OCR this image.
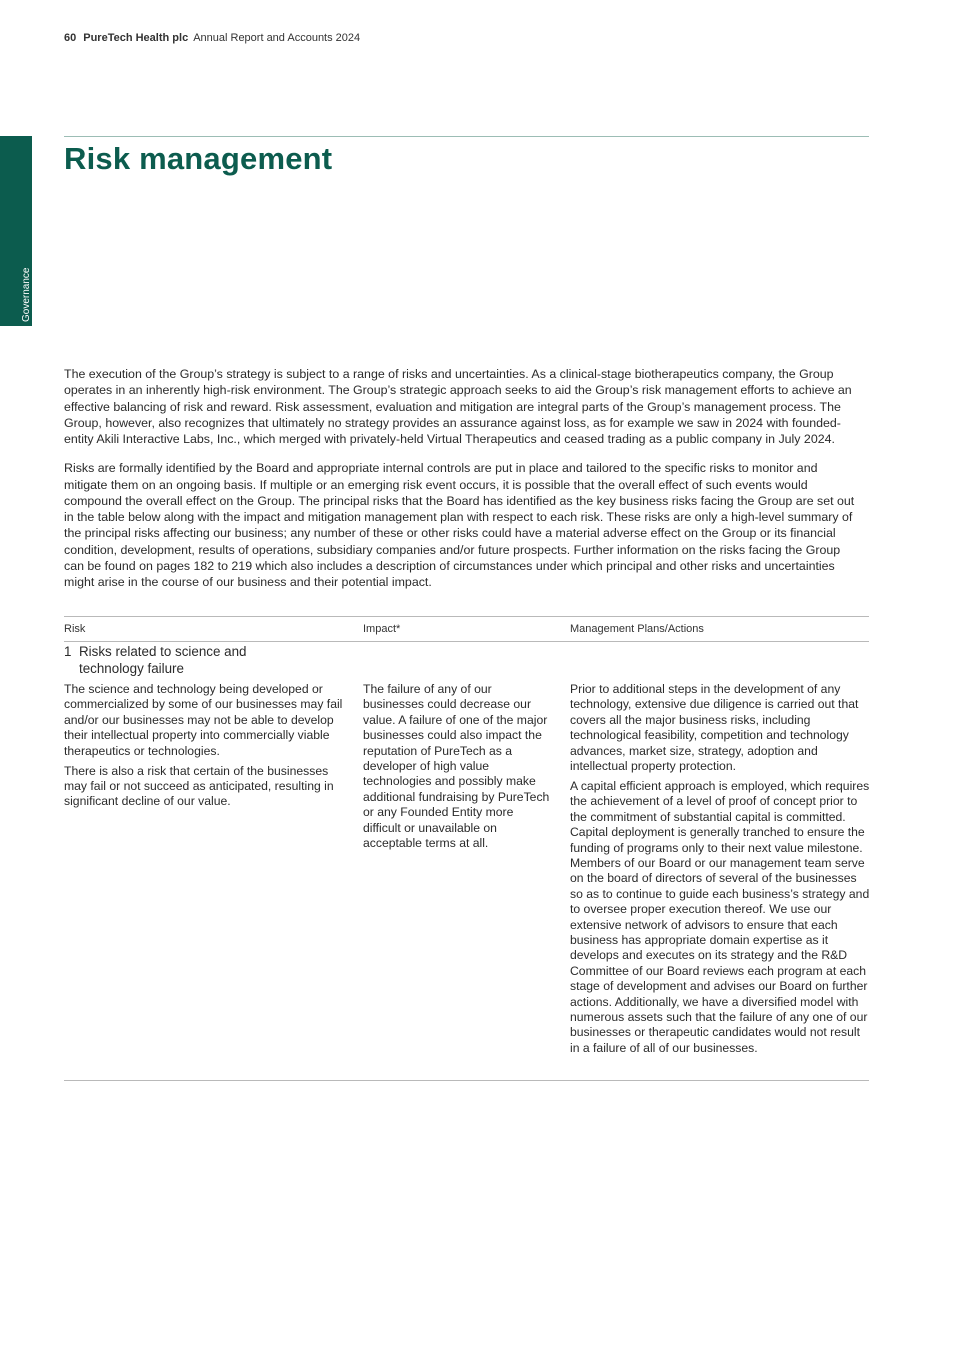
60 PureTech Health plc Annual Report and Accounts 2024
Governance
Risk management

The execution of the Group’s strategy is subject to a range of risks and uncertainties. As a clinical-stage biotherapeutics company, the Group operates in an inherently high-risk environment. The Group’s strategic approach seeks to aid the Group’s risk management efforts to achieve an effective balancing of risk and reward. Risk assessment, evaluation and mitigation are integral parts of the Group’s management process. The Group, however, also recognizes that ultimately no strategy provides an assurance against loss, as for example we saw in 2024 with founded-entity Akili Interactive Labs, Inc., which merged with privately-held Virtual Therapeutics and ceased trading as a public company in July 2024.

Risks are formally identified by the Board and appropriate internal controls are put in place and tailored to the specific risks to monitor and mitigate them on an ongoing basis. If multiple or an emerging risk event occurs, it is possible that the overall effect of such events would compound the overall effect on the Group. The principal risks that the Board has identified as the key business risks facing the Group are set out in the table below along with the impact and mitigation management plan with respect to each risk. These risks are only a high-level summary of the principal risks affecting our business; any number of these or other risks could have a material adverse effect on the Group or its financial condition, development, results of operations, subsidiary companies and/or future prospects. Further information on the risks facing the Group can be found on pages 182 to 219 which also includes a description of circumstances under which principal and other risks and uncertainties might arise in the course of our business and their potential impact.

Risk	Impact*	Management Plans/Actions
1 Risks related to science and technology failure

The science and technology being developed or commercialized by some of our businesses may fail and/or our businesses may not be able to develop their intellectual property into commercially viable therapeutics or technologies.

There is also a risk that certain of the businesses may fail or not succeed as anticipated, resulting in significant decline of our value.

The failure of any of our businesses could decrease our value. A failure of one of the major businesses could also impact the reputation of PureTech as a developer of high value technologies and possibly make additional fundraising by PureTech or any Founded Entity more difficult or unavailable on acceptable terms at all.

Prior to additional steps in the development of any technology, extensive due diligence is carried out that covers all the major business risks, including technological feasibility, competition and technology advances, market size, strategy, adoption and intellectual property protection.

A capital efficient approach is employed, which requires the achievement of a level of proof of concept prior to the commitment of substantial capital is committed. Capital deployment is generally tranched to ensure the funding of programs only to their next value milestone. Members of our Board or our management team serve on the board of directors of several of the businesses so as to continue to guide each business’s strategy and to oversee proper execution thereof. We use our extensive network of advisors to ensure that each business has appropriate domain expertise as it develops and executes on its strategy and the R&D Committee of our Board reviews each program at each stage of development and advises our Board on further actions. Additionally, we have a diversified model with numerous assets such that the failure of any one of our businesses or therapeutic candidates would not result in a failure of all of our businesses.
